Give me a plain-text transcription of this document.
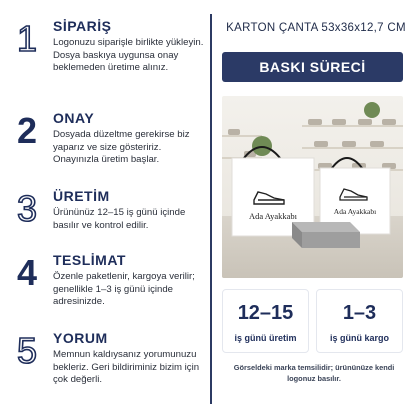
1 SİPARİŞ
Logonuzu siparişle birlikte yükleyin. Dosya baskıya uygunsa onay beklemeden üretime alınız.
2 ONAY
Dosyada düzeltme gerekirse biz yaparız ve size gösteririz. Onayınızla üretim başlar.
3 ÜRETİM
Ürününüz 12–15 iş günü içinde basılır ve kontrol edilir.
4 TESLİMAT
Özenle paketlenir, kargoya verilir; genellikle 1–3 iş günü içinde adresinizde.
5 YORUM
Memnun kaldıysanız yorumunuzu bekleriz. Geri bildiriminiz bizim için çok değerli.
KARTON ÇANTA 53x36x12,7 CM
BASKI SÜRECİ
Ada Ayakkabı	Ada Ayakkabı
12–15
iş günü üretim
1–3
iş günü kargo
Görseldeki marka temsilidir; ürününüze kendi logonuz basılır.
